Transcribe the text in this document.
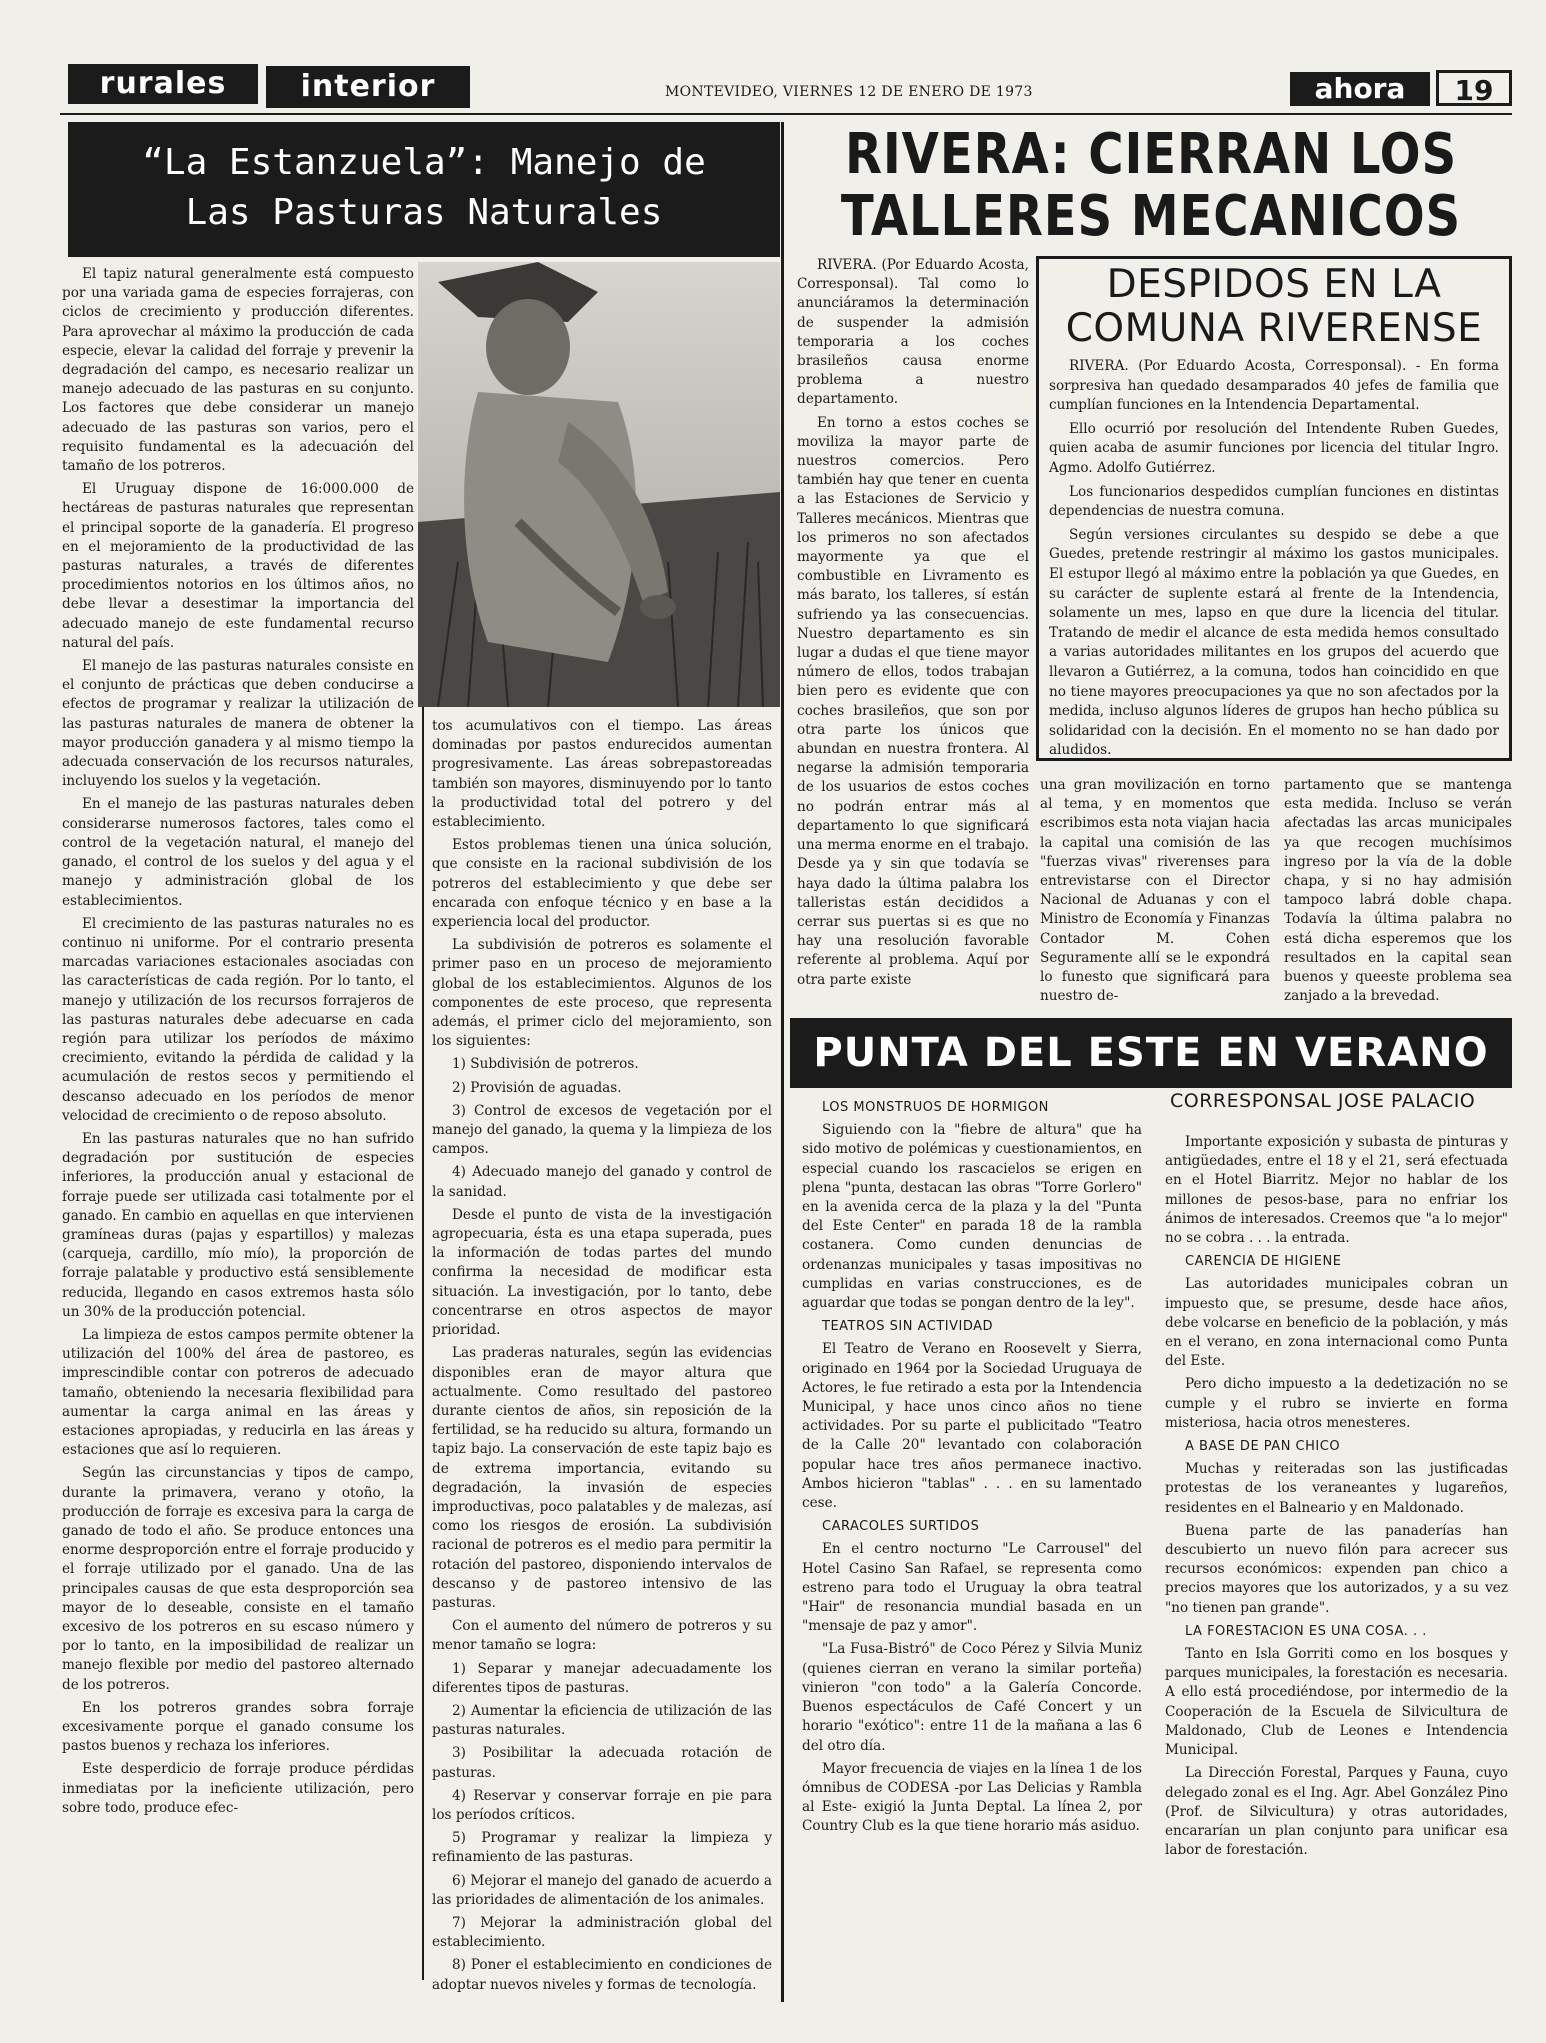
rurales	interior	MONTEVIDEO, VIERNES 12 DE ENERO DE 1973	ahora	19
“La Estanzuela”: Manejo de
Las Pasturas Naturales

El tapiz natural generalmente está compuesto por una variada gama de especies forrajeras, con ciclos de crecimiento y producción diferentes. Para aprovechar al máximo la producción de cada especie, elevar la calidad del forraje y prevenir la degradación del campo, es necesario realizar un manejo adecuado de las pasturas en su conjunto. Los factores que debe considerar un manejo adecuado de las pasturas son varios, pero el requisito fundamental es la adecuación del tamaño de los potreros.

El Uruguay dispone de 16:000.000 de hectáreas de pasturas naturales que representan el principal soporte de la ganadería. El progreso en el mejoramiento de la productividad de las pasturas naturales, a través de diferentes procedimientos notorios en los últimos años, no debe llevar a desestimar la importancia del adecuado manejo de este fundamental recurso natural del país.

El manejo de las pasturas naturales consiste en el conjunto de prácticas que deben conducirse a efectos de programar y realizar la utilización de las pasturas naturales de manera de obtener la mayor producción ganadera y al mismo tiempo la adecuada conservación de los recursos naturales, incluyendo los suelos y la vegetación.

En el manejo de las pasturas naturales deben considerarse numerosos factores, tales como el control de la vegetación natural, el manejo del ganado, el control de los suelos y del agua y el manejo y administración global de los establecimientos.

El crecimiento de las pasturas naturales no es continuo ni uniforme. Por el contrario presenta marcadas variaciones estacionales asociadas con las características de cada región. Por lo tanto, el manejo y utilización de los recursos forrajeros de las pasturas naturales debe adecuarse en cada región para utilizar los períodos de máximo crecimiento, evitando la pérdida de calidad y la acumulación de restos secos y permitiendo el descanso adecuado en los períodos de menor velocidad de crecimiento o de reposo absoluto.

En las pasturas naturales que no han sufrido degradación por sustitución de especies inferiores, la producción anual y estacional de forraje puede ser utilizada casi totalmente por el ganado. En cambio en aquellas en que intervienen gramíneas duras (pajas y espartillos) y malezas (carqueja, cardillo, mío mío), la proporción de forraje palatable y productivo está sensiblemente reducida, llegando en casos extremos hasta sólo un 30% de la producción potencial.

La limpieza de estos campos permite obtener la utilización del 100% del área de pastoreo, es imprescindible contar con potreros de adecuado tamaño, obteniendo la necesaria flexibilidad para aumentar la carga animal en las áreas y estaciones apropiadas, y reducirla en las áreas y estaciones que así lo requieren.

Según las circunstancias y tipos de campo, durante la primavera, verano y otoño, la producción de forraje es excesiva para la carga de ganado de todo el año. Se produce entonces una enorme desproporción entre el forraje producido y el forraje utilizado por el ganado. Una de las principales causas de que esta desproporción sea mayor de lo deseable, consiste en el tamaño excesivo de los potreros en su escaso número y por lo tanto, en la imposibilidad de realizar un manejo flexible por medio del pastoreo alternado de los potreros.

En los potreros grandes sobra forraje excesivamente porque el ganado consume los pastos buenos y rechaza los inferiores.

Este desperdicio de forraje produce pérdidas inmediatas por la ineficiente utilización, pero sobre todo, produce efec-

tos acumulativos con el tiempo. Las áreas dominadas por pastos endurecidos aumentan progresivamente. Las áreas sobrepastoreadas también son mayores, disminuyendo por lo tanto la productividad total del potrero y del establecimiento.

Estos problemas tienen una única solución, que consiste en la racional subdivisión de los potreros del establecimiento y que debe ser encarada con enfoque técnico y en base a la experiencia local del productor.

La subdivisión de potreros es solamente el primer paso en un proceso de mejoramiento global de los establecimientos. Algunos de los componentes de este proceso, que representa además, el primer ciclo del mejoramiento, son los siguientes:

1) Subdivisión de potreros.

2) Provisión de aguadas.

3) Control de excesos de vegetación por el manejo del ganado, la quema y la limpieza de los campos.

4) Adecuado manejo del ganado y control de la sanidad.

Desde el punto de vista de la investigación agropecuaria, ésta es una etapa superada, pues la información de todas partes del mundo confirma la necesidad de modificar esta situación. La investigación, por lo tanto, debe concentrarse en otros aspectos de mayor prioridad.

Las praderas naturales, según las evidencias disponibles eran de mayor altura que actualmente. Como resultado del pastoreo durante cientos de años, sin reposición de la fertilidad, se ha reducido su altura, formando un tapiz bajo. La conservación de este tapiz bajo es de extrema importancia, evitando su degradación, la invasión de especies improductivas, poco palatables y de malezas, así como los riesgos de erosión. La subdivisión racional de potreros es el medio para permitir la rotación del pastoreo, disponiendo intervalos de descanso y de pastoreo intensivo de las pasturas.

Con el aumento del número de potreros y su menor tamaño se logra:

1) Separar y manejar adecuadamente los diferentes tipos de pasturas.

2) Aumentar la eficiencia de utilización de las pasturas naturales.

3) Posibilitar la adecuada rotación de pasturas.

4) Reservar y conservar forraje en pie para los períodos críticos.

5) Programar y realizar la limpieza y refinamiento de las pasturas.

6) Mejorar el manejo del ganado de acuerdo a las prioridades de alimentación de los animales.

7) Mejorar la administración global del establecimiento.

8) Poner el establecimiento en condiciones de adoptar nuevos niveles y formas de tecnología.

RIVERA: CIERRAN LOS
TALLERES MECANICOS

RIVERA. (Por Eduardo Acosta, Corresponsal). Tal como lo anunciáramos la determinación de suspender la admisión temporaria a los coches brasileños causa enorme problema a nuestro departamento.

En torno a estos coches se moviliza la mayor parte de nuestros comercios. Pero también hay que tener en cuenta a las Estaciones de Servicio y Talleres mecánicos. Mientras que los primeros no son afectados mayormente ya que el combustible en Livramento es más barato, los talleres, sí están sufriendo ya las consecuencias. Nuestro departamento es sin lugar a dudas el que tiene mayor número de ellos, todos trabajan bien pero es evidente que con coches brasileños, que son por otra parte los únicos que abundan en nuestra frontera. Al negarse la admisión temporaria de los usuarios de estos coches no podrán entrar más al departamento lo que significará una merma enorme en el trabajo. Desde ya y sin que todavía se haya dado la última palabra los talleristas están decididos a cerrar sus puertas si es que no hay una resolución favorable referente al problema. Aquí por otra parte existe

una gran movilización en torno al tema, y en momentos que escribimos esta nota viajan hacia la capital una comisión de las "fuerzas vivas" riverenses para entrevistarse con el Director Nacional de Aduanas y con el Ministro de Economía y Finanzas Contador M. Cohen Seguramente allí se le expondrá lo funesto que significará para nuestro de-

partamento que se mantenga esta medida. Incluso se verán afectadas las arcas municipales ya que recogen muchísimos ingreso por la vía de la doble chapa, y si no hay admisión tampoco labrá doble chapa. Todavía la última palabra no está dicha esperemos que los resultados en la capital sean buenos y queeste problema sea zanjado a la brevedad.

DESPIDOS EN LA
COMUNA RIVERENSE

RIVERA. (Por Eduardo Acosta, Corresponsal). - En forma sorpresiva han quedado desamparados 40 jefes de familia que cumplían funciones en la Intendencia Departamental.

Ello ocurrió por resolución del Intendente Ruben Guedes, quien acaba de asumir funciones por licencia del titular Ingro. Agmo. Adolfo Gutiérrez.

Los funcionarios despedidos cumplían funciones en distintas dependencias de nuestra comuna.

Según versiones circulantes su despido se debe a que Guedes, pretende restringir al máximo los gastos municipales. El estupor llegó al máximo entre la población ya que Guedes, en su carácter de suplente estará al frente de la Intendencia, solamente un mes, lapso en que dure la licencia del titular. Tratando de medir el alcance de esta medida hemos consultado a varias autoridades militantes en los grupos del acuerdo que llevaron a Gutiérrez, a la comuna, todos han coincidido en que no tiene mayores preocupaciones ya que no son afectados por la medida, incluso algunos líderes de grupos han hecho pública su solidaridad con la decisión. En el momento no se han dado por aludidos.

PUNTA DEL ESTE EN VERANO
CORRESPONSAL JOSE PALACIO

LOS MONSTRUOS DE HORMIGON

Siguiendo con la "fiebre de altura" que ha sido motivo de polémicas y cuestionamientos, en especial cuando los rascacielos se erigen en plena "punta, destacan las obras "Torre Gorlero" en la avenida cerca de la plaza y la del "Punta del Este Center" en parada 18 de la rambla costanera. Como cunden denuncias de ordenanzas municipales y tasas impositivas no cumplidas en varias construcciones, es de aguardar que todas se pongan dentro de la ley".

TEATROS SIN ACTIVIDAD

El Teatro de Verano en Roosevelt y Sierra, originado en 1964 por la Sociedad Uruguaya de Actores, le fue retirado a esta por la Intendencia Municipal, y hace unos cinco años no tiene actividades. Por su parte el publicitado "Teatro de la Calle 20" levantado con colaboración popular hace tres años permanece inactivo. Ambos hicieron "tablas" . . . en su lamentado cese.

CARACOLES SURTIDOS

En el centro nocturno "Le Carrousel" del Hotel Casino San Rafael, se representa como estreno para todo el Uruguay la obra teatral "Hair" de resonancia mundial basada en un "mensaje de paz y amor".

"La Fusa-Bistró" de Coco Pérez y Silvia Muniz (quienes cierran en verano la similar porteña) vinieron "con todo" a la Galería Concorde. Buenos espectáculos de Café Concert y un horario "exótico": entre 11 de la mañana a las 6 del otro día.

Mayor frecuencia de viajes en la línea 1 de los ómnibus de CODESA -por Las Delicias y Rambla al Este- exigió la Junta Deptal. La línea 2, por Country Club es la que tiene horario más asiduo.

Importante exposición y subasta de pinturas y antigüedades, entre el 18 y el 21, será efectuada en el Hotel Biarritz. Mejor no hablar de los millones de pesos-base, para no enfriar los ánimos de interesados. Creemos que "a lo mejor" no se cobra . . . la entrada.

CARENCIA DE HIGIENE

Las autoridades municipales cobran un impuesto que, se presume, desde hace años, debe volcarse en beneficio de la población, y más en el verano, en zona internacional como Punta del Este.

Pero dicho impuesto a la dedetización no se cumple y el rubro se invierte en forma misteriosa, hacia otros menesteres.

A BASE DE PAN CHICO

Muchas y reiteradas son las justificadas protestas de los veraneantes y lugareños, residentes en el Balneario y en Maldonado.

Buena parte de las panaderías han descubierto un nuevo filón para acrecer sus recursos económicos: expenden pan chico a precios mayores que los autorizados, y a su vez "no tienen pan grande".

LA FORESTACION ES UNA COSA. . .

Tanto en Isla Gorriti como en los bosques y parques municipales, la forestación es necesaria. A ello está procediéndose, por intermedio de la Cooperación de la Escuela de Silvicultura de Maldonado, Club de Leones e Intendencia Municipal.

La Dirección Forestal, Parques y Fauna, cuyo delegado zonal es el Ing. Agr. Abel González Pino (Prof. de Silvicultura) y otras autoridades, encararían un plan conjunto para unificar esa labor de forestación.
